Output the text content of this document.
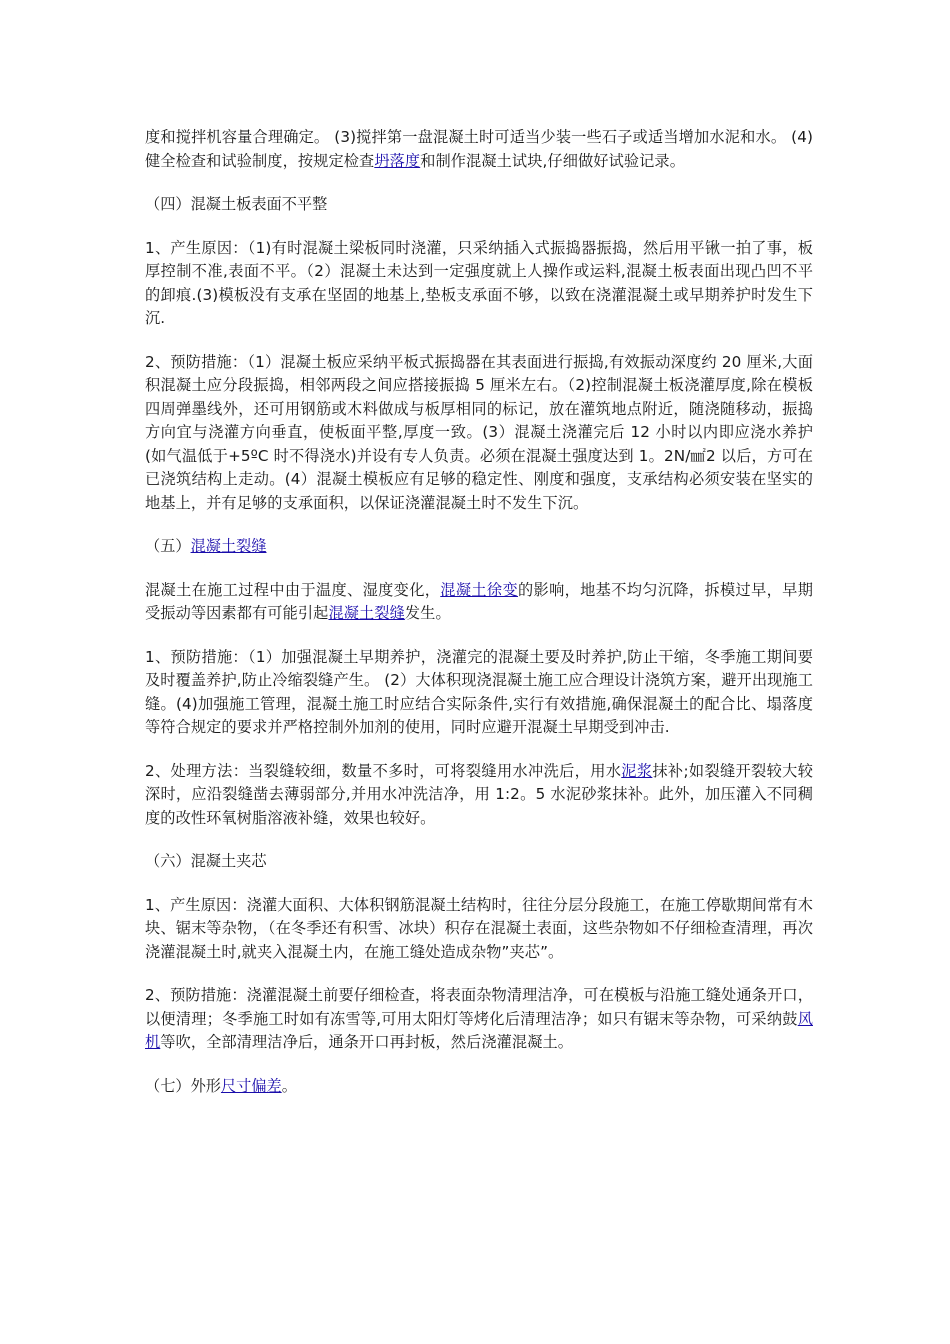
度和搅拌机容量合理确定。 (3)搅拌第一盘混凝土时可适当少装一些石子或适当增加水泥和水。 (4)健全检查和试验制度，按规定检查坍落度和制作混凝土试块,仔细做好试验记录。

（四）混凝土板表面不平整

1、产生原因：（1)有时混凝土梁板同时浇灌，只采纳插入式振捣器振捣，然后用平锹一拍了事，板厚控制不准,表面不平。（2）混凝土未达到一定强度就上人操作或运料,混凝土板表面出现凸凹不平的卸痕.(3)模板没有支承在坚固的地基上,垫板支承面不够，以致在浇灌混凝土或早期养护时发生下沉.

2、预防措施：（1）混凝土板应采纳平板式振捣器在其表面进行振捣,有效振动深度约 20 厘米,大面积混凝土应分段振捣，相邻两段之间应搭接振捣 5 厘米左右。（2)控制混凝土板浇灌厚度,除在模板四周弹墨线外，还可用钢筋或木料做成与板厚相同的标记，放在灌筑地点附近，随浇随移动，振捣方向宜与浇灌方向垂直，使板面平整,厚度一致。(3）混凝土浇灌完后 12 小时以内即应浇水养护 (如气温低于+5ºC 时不得浇水)并设有专人负责。必须在混凝土强度达到 1。2N/㎟2 以后，方可在已浇筑结构上走动。(4）混凝土模板应有足够的稳定性、刚度和强度，支承结构必须安装在坚实的地基上，并有足够的支承面积，以保证浇灌混凝土时不发生下沉。

（五）混凝土裂缝

混凝土在施工过程中由于温度、湿度变化，混凝土徐变的影响，地基不均匀沉降，拆模过早，早期受振动等因素都有可能引起混凝土裂缝发生。

1、预防措施：（1）加强混凝土早期养护，浇灌完的混凝土要及时养护,防止干缩，冬季施工期间要及时覆盖养护,防止冷缩裂缝产生。 (2）大体积现浇混凝土施工应合理设计浇筑方案，避开出现施工缝。(4)加强施工管理，混凝土施工时应结合实际条件,实行有效措施,确保混凝土的配合比、塌落度等符合规定的要求并严格控制外加剂的使用，同时应避开混凝土早期受到冲击.

2、处理方法：当裂缝较细，数量不多时，可将裂缝用水冲洗后，用水泥浆抹补;如裂缝开裂较大较深时，应沿裂缝凿去薄弱部分,并用水冲洗洁净，用 1:2。5 水泥砂浆抹补。此外，加压灌入不同稠度的改性环氧树脂溶液补缝，效果也较好。

（六）混凝土夹芯

1、产生原因：浇灌大面积、大体积钢筋混凝土结构时，往往分层分段施工，在施工停歇期间常有木块、锯末等杂物，（在冬季还有积雪、冰块）积存在混凝土表面，这些杂物如不仔细检查清理，再次浇灌混凝土时,就夹入混凝土内，在施工缝处造成杂物”夹芯”。

2、预防措施：浇灌混凝土前要仔细检查，将表面杂物清理洁净，可在模板与沿施工缝处通条开口，以便清理；冬季施工时如有冻雪等,可用太阳灯等烤化后清理洁净；如只有锯末等杂物，可采纳鼓风机等吹，全部清理洁净后，通条开口再封板，然后浇灌混凝土。

（七）外形尺寸偏差。
